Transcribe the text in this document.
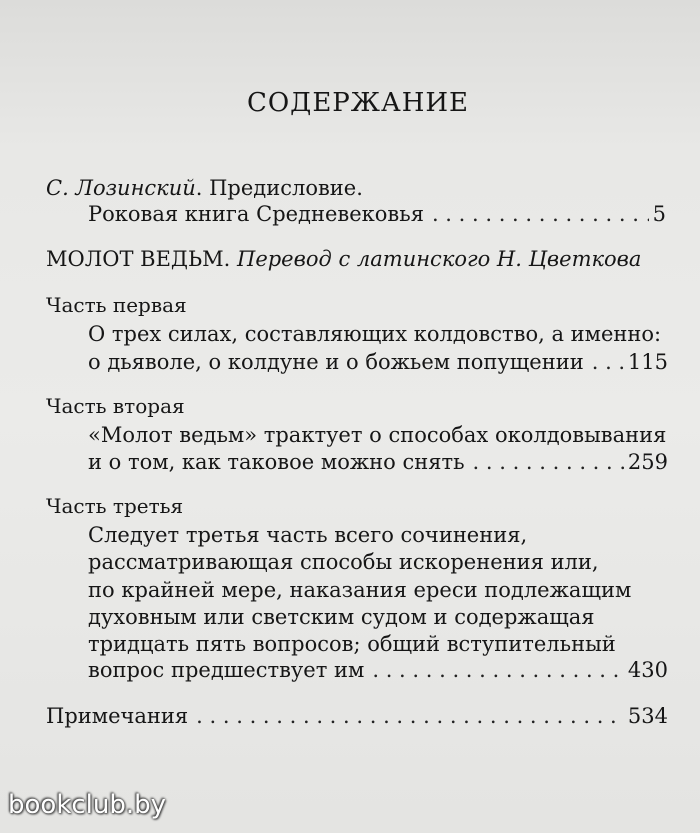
СОДЕРЖАНИЕ
С. Лозинский. Предисловие.
Роковая книга Средневековья . . .	5
МОЛОТ ВЕДЬМ. Перевод с латинского Н. Цветкова
Часть первая
О трех силах, составляющих колдовство, а именно:
о дьяволе, о колдуне и о божьем попущении . . . 115
Часть вторая
«Молот ведьм» трактует о способах околдовывания
и о том, как таковое можно снять . . .	259
Часть третья
Следует третья часть всего сочинения,
рассматривающая способы искоренения или,
по крайней мере, наказания ереси подлежащим
духовным или светским судом и содержащая
тридцать пять вопросов; общий вступительный
вопрос предшествует им . . .	430
Примечания . . .	534
bookclub.by
